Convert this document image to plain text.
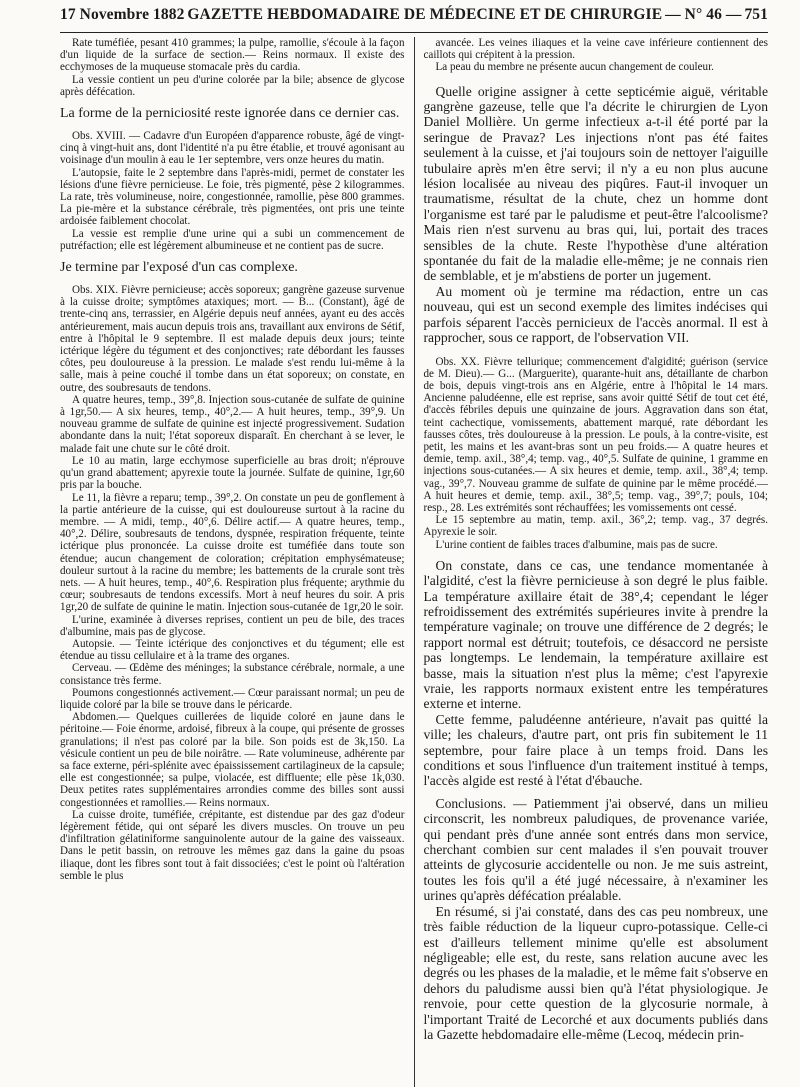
17 Novembre 1882 GAZETTE HEBDOMADAIRE DE MÉDECINE ET DE CHIRURGIE — N° 46 — 751

Rate tuméfiée, pesant 410 grammes; la pulpe, ramollie, s'écoule à la façon d'un liquide de la surface de section.— Reins normaux. Il existe des ecchymoses de la muqueuse stomacale près du cardia.

La vessie contient un peu d'urine colorée par la bile; absence de glycose après défécation.

La forme de la perniciosité reste ignorée dans ce dernier cas.

Obs. XVIII. — Cadavre d'un Européen d'apparence robuste, âgé de vingt-cinq à vingt-huit ans, dont l'identité n'a pu être établie, et trouvé agonisant au voisinage d'un moulin à eau le 1er septembre, vers onze heures du matin.

L'autopsie, faite le 2 septembre dans l'après-midi, permet de constater les lésions d'une fièvre pernicieuse. Le foie, très pigmenté, pèse 2 kilogrammes. La rate, très volumineuse, noire, congestionnée, ramollie, pèse 800 grammes. La pie-mère et la substance cérébrale, très pigmentées, ont pris une teinte ardoisée faiblement chocolat.

La vessie est remplie d'une urine qui a subi un commencement de putréfaction; elle est légèrement albumineuse et ne contient pas de sucre.

Je termine par l'exposé d'un cas complexe.

Obs. XIX. Fièvre pernicieuse; accès soporeux; gangrène gazeuse survenue à la cuisse droite; symptômes ataxiques; mort. — B... (Constant), âgé de trente-cinq ans, terrassier, en Algérie depuis neuf années, ayant eu des accès antérieurement, mais aucun depuis trois ans, travaillant aux environs de Sétif, entre à l'hôpital le 9 septembre. Il est malade depuis deux jours; teinte ictérique légère du tégument et des conjonctives; rate débordant les fausses côtes, peu douloureuse à la pression. Le malade s'est rendu lui-même à la salle, mais à peine couché il tombe dans un état soporeux; on constate, en outre, des soubresauts de tendons.

A quatre heures, temp., 39°,8. Injection sous-cutanée de sulfate de quinine à 1gr,50.— A six heures, temp., 40°,2.— A huit heures, temp., 39°,9. Un nouveau gramme de sulfate de quinine est injecté progressivement. Sudation abondante dans la nuit; l'état soporeux disparaît. En cherchant à se lever, le malade fait une chute sur le côté droit.

Le 10 au matin, large ecchymose superficielle au bras droit; n'éprouve qu'un grand abattement; apyrexie toute la journée. Sulfate de quinine, 1gr,60 pris par la bouche.

Le 11, la fièvre a reparu; temp., 39°,2. On constate un peu de gonflement à la partie antérieure de la cuisse, qui est douloureuse surtout à la racine du membre. — A midi, temp., 40°,6. Délire actif.— A quatre heures, temp., 40°,2. Délire, soubresauts de tendons, dyspnée, respiration fréquente, teinte ictérique plus prononcée. La cuisse droite est tuméfiée dans toute son étendue; aucun changement de coloration; crépitation emphysémateuse; douleur surtout à la racine du membre; les battements de la crurale sont très nets. — A huit heures, temp., 40°,6. Respiration plus fréquente; arythmie du cœur; soubresauts de tendons excessifs. Mort à neuf heures du soir. A pris 1gr,20 de sulfate de quinine le matin. Injection sous-cutanée de 1gr,20 le soir.

L'urine, examinée à diverses reprises, contient un peu de bile, des traces d'albumine, mais pas de glycose.

Autopsie. — Teinte ictérique des conjonctives et du tégument; elle est étendue au tissu cellulaire et à la trame des organes.

Cerveau. — Œdème des méninges; la substance cérébrale, normale, a une consistance très ferme.

Poumons congestionnés activement.— Cœur paraissant normal; un peu de liquide coloré par la bile se trouve dans le péricarde.

Abdomen.— Quelques cuillerées de liquide coloré en jaune dans le péritoine.— Foie énorme, ardoisé, fibreux à la coupe, qui présente de grosses granulations; il n'est pas coloré par la bile. Son poids est de 3k,150. La vésicule contient un peu de bile noirâtre. — Rate volumineuse, adhérente par sa face externe, péri-splénite avec épaississement cartilagineux de la capsule; elle est congestionnée; sa pulpe, violacée, est diffluente; elle pèse 1k,030. Deux petites rates supplémentaires arrondies comme des billes sont aussi congestionnées et ramollies.— Reins normaux.

La cuisse droite, tuméfiée, crépitante, est distendue par des gaz d'odeur légèrement fétide, qui ont séparé les divers muscles. On trouve un peu d'infiltration gélatiniforme sanguinolente autour de la gaine des vaisseaux. Dans le petit bassin, on retrouve les mêmes gaz dans la gaine du psoas iliaque, dont les fibres sont tout à fait dissociées; c'est le point où l'altération semble le plus

avancée. Les veines iliaques et la veine cave inférieure contiennent des caillots qui crépitent à la pression.

La peau du membre ne présente aucun changement de couleur.

Quelle origine assigner à cette septicémie aiguë, véritable gangrène gazeuse, telle que l'a décrite le chirurgien de Lyon Daniel Mollière. Un germe infectieux a-t-il été porté par la seringue de Pravaz? Les injections n'ont pas été faites seulement à la cuisse, et j'ai toujours soin de nettoyer l'aiguille tubulaire après m'en être servi; il n'y a eu non plus aucune lésion localisée au niveau des piqûres. Faut-il invoquer un traumatisme, résultat de la chute, chez un homme dont l'organisme est taré par le paludisme et peut-être l'alcoolisme? Mais rien n'est survenu au bras qui, lui, portait des traces sensibles de la chute. Reste l'hypothèse d'une altération spontanée du fait de la maladie elle-même; je ne connais rien de semblable, et je m'abstiens de porter un jugement.

Au moment où je termine ma rédaction, entre un cas nouveau, qui est un second exemple des limites indécises qui parfois séparent l'accès pernicieux de l'accès anormal. Il est à rapprocher, sous ce rapport, de l'observation VII.

Obs. XX. Fièvre tellurique; commencement d'algidité; guérison (service de M. Dieu).— G... (Marguerite), quarante-huit ans, détaillante de charbon de bois, depuis vingt-trois ans en Algérie, entre à l'hôpital le 14 mars. Ancienne paludéenne, elle est reprise, sans avoir quitté Sétif de tout cet été, d'accès fébriles depuis une quinzaine de jours. Aggravation dans son état, teint cachectique, vomissements, abattement marqué, rate débordant les fausses côtes, très douloureuse à la pression. Le pouls, à la contre-visite, est petit, les mains et les avant-bras sont un peu froids.— A quatre heures et demie, temp. axil., 38°,4; temp. vag., 40°,5. Sulfate de quinine, 1 gramme en injections sous-cutanées.— A six heures et demie, temp. axil., 38°,4; temp. vag., 39°,7. Nouveau gramme de sulfate de quinine par le même procédé.— A huit heures et demie, temp. axil., 38°,5; temp. vag., 39°,7; pouls, 104; resp., 28. Les extrémités sont réchauffées; les vomissements ont cessé.

Le 15 septembre au matin, temp. axil., 36°,2; temp. vag., 37 degrés. Apyrexie le soir.

L'urine contient de faibles traces d'albumine, mais pas de sucre.

On constate, dans ce cas, une tendance momentanée à l'algidité, c'est la fièvre pernicieuse à son degré le plus faible. La température axillaire était de 38°,4; cependant le léger refroidissement des extrémités supérieures invite à prendre la température vaginale; on trouve une différence de 2 degrés; le rapport normal est détruit; toutefois, ce désaccord ne persiste pas longtemps. Le lendemain, la température axillaire est basse, mais la situation n'est plus la même; c'est l'apyrexie vraie, les rapports normaux existent entre les températures externe et interne.

Cette femme, paludéenne antérieure, n'avait pas quitté la ville; les chaleurs, d'autre part, ont pris fin subitement le 11 septembre, pour faire place à un temps froid. Dans les conditions et sous l'influence d'un traitement institué à temps, l'accès algide est resté à l'état d'ébauche.

Conclusions. — Patiemment j'ai observé, dans un milieu circonscrit, les nombreux paludiques, de provenance variée, qui pendant près d'une année sont entrés dans mon service, cherchant combien sur cent malades il s'en pouvait trouver atteints de glycosurie accidentelle ou non. Je me suis astreint, toutes les fois qu'il a été jugé nécessaire, à n'examiner les urines qu'après défécation préalable.

En résumé, si j'ai constaté, dans des cas peu nombreux, une très faible réduction de la liqueur cupro-potassique. Celle-ci est d'ailleurs tellement minime qu'elle est absolument négligeable; elle est, du reste, sans relation aucune avec les degrés ou les phases de la maladie, et le même fait s'observe en dehors du paludisme aussi bien qu'à l'état physiologique. Je renvoie, pour cette question de la glycosurie normale, à l'important Traité de Lecorché et aux documents publiés dans la Gazette hebdomadaire elle-même (Lecoq, médecin prin-
